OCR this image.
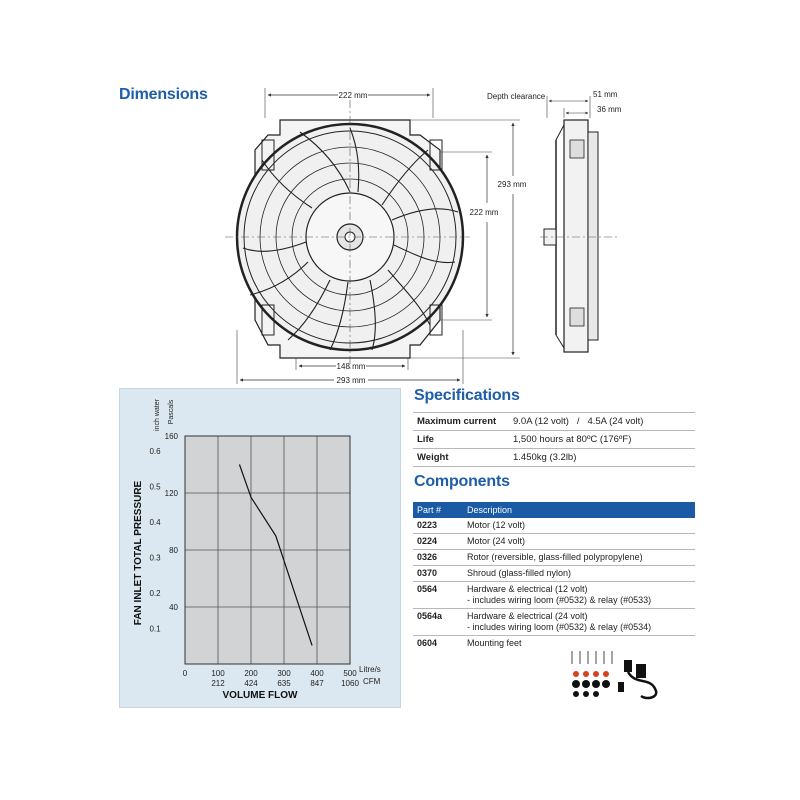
Dimensions
Specifications
Components
222 mm
148 mm
293 mm
222 mm
293 mm
Depth clearance	51 mm
36 mm
0	100
212
200
424
300
635
400
847
500
1060
40
80
120
160
0.1
0.2
0.3
0.4
0.5
0.6
inch water Pascals
FAN INLET TOTAL PRESSURE
VOLUME FLOW
Litre/s
CFM
Maximum current	9.0A (12 volt)   /   4.5A (24 volt)
Life	1,500 hours at 80ºC (176ºF)
Weight	1.450kg (3.2lb)
Part #	Description
0223	Motor (12 volt)

0224	Motor (24 volt)

0326	Rotor (reversible, glass-filled polypropylene)

0370	Shroud (glass-filled nylon)

0564	Hardware & electrical (12 volt)
- includes wiring loom (#0532) & relay (#0533)

0564a	Hardware & electrical (24 volt)
- includes wiring loom (#0532) & relay (#0534)

0604	Mounting feet
